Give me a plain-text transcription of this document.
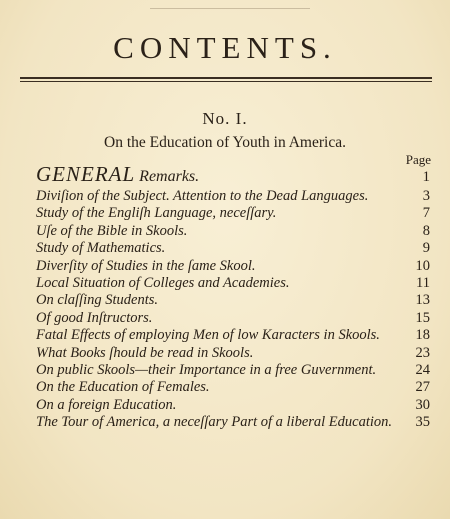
CONTENTS.
No. I.
On the Education of Youth in America.
Page
GENERAL Remarks.	1
Diviſion of the Subject. Attention to the Dead Languages.	3
Study of the Engliſh Language, neceſſary.	7
Uſe of the Bible in Skools.	8
Study of Mathematics.	9
Diverſity of Studies in the ſame Skool.	10
Local Situation of Colleges and Academies.	11
On claſſing Students.	13
Of good Inſtructors.	15
Fatal Effects of employing Men of low Karacters in Skools.	18
What Books ſhould be read in Skools.	23
On public Skools—their Importance in a free Guvernment.	24
On the Education of Females.	27
On a foreign Education.	30
The Tour of America, a neceſſary Part of a liberal Education.	35
